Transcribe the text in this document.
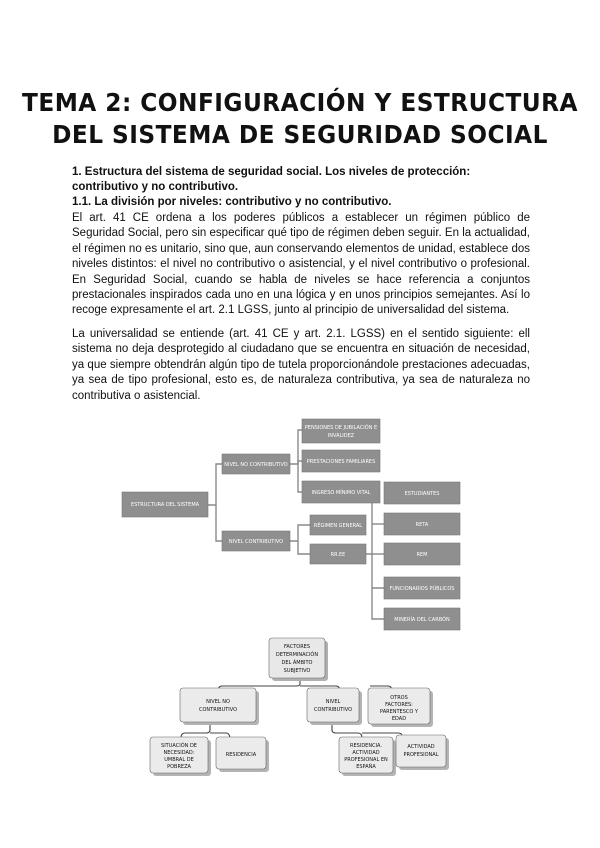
TEMA 2: CONFIGURACIÓN Y ESTRUCTURA
DEL SISTEMA DE SEGURIDAD SOCIAL
1. Estructura del sistema de seguridad social. Los niveles de protección: contributivo y no contributivo.
1.1. La división por niveles: contributivo y no contributivo.
El art. 41 CE ordena a los poderes públicos a establecer un régimen público de Seguridad Social, pero sin especificar qué tipo de régimen deben seguir. En la actualidad, el régimen no es unitario, sino que, aun conservando elementos de unidad, establece dos niveles distintos: el nivel no contributivo o asistencial, y el nivel contributivo o profesional. En Seguridad Social, cuando se habla de niveles se hace referencia a conjuntos prestacionales inspirados cada uno en una lógica y en unos principios semejantes. Así lo recoge expresamente el art. 2.1 LGSS, junto al principio de universalidad del sistema.
La universalidad se entiende (art. 41 CE y art. 2.1. LGSS) en el sentido siguiente: ell sistema no deja desprotegido al ciudadano que se encuentra en situación de necesidad, ya que siempre obtendrán algún tipo de tutela proporcionándole prestaciones adecuadas, ya sea de tipo profesional, esto es, de naturaleza contributiva, ya sea de naturaleza no contributiva o asistencial.
ESTRUCTURA DEL SISTEMA
NIVEL NO CONTRIBUTIVO
NIVEL CONTRIBUTIVO
PENSIONES DE JUBILACIÓN E
INVALIDEZ
PRESTACIONES FAMILIARES
INGRESO MÍNIMO VITAL
RÉGIMEN GENERAL
RR.EE
ESTUDIANTES
RETA
REM
FUNCIONARIOS PÚBLICOS
MINERÍA DEL CARBÓN
FACTORES
DETERMINACIÓN
DEL ÁMBITO
SUBJETIVO
NIVEL NO
CONTRIBUTIVO
NIVEL
CONTRIBUTIVO
OTROS
FACTORES:
PARENTESCO Y
EDAD
SITUACIÓN DE
NECESIDAD:
UMBRAL DE
POBREZA
RESIDENCIA
RESIDENCIA.
ACTIVIDAD
PROFESIONAL EN
ESPAÑA
ACTIVIDAD
PROFESIONAL
